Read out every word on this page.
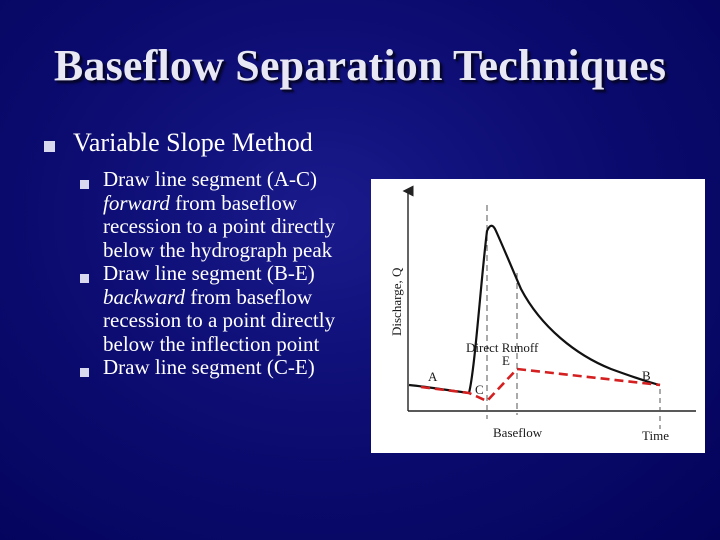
Baseflow Separation Techniques
Variable Slope Method
Draw line segment (A-C) forward from baseflow recession to a point directly below the hydrograph peak
Draw line segment (B-E) backward from baseflow recession to a point directly below the inflection point
Draw line segment (C-E)
Discharge, Q
Time
Direct Runoff
Baseflow
A	B
C
E
